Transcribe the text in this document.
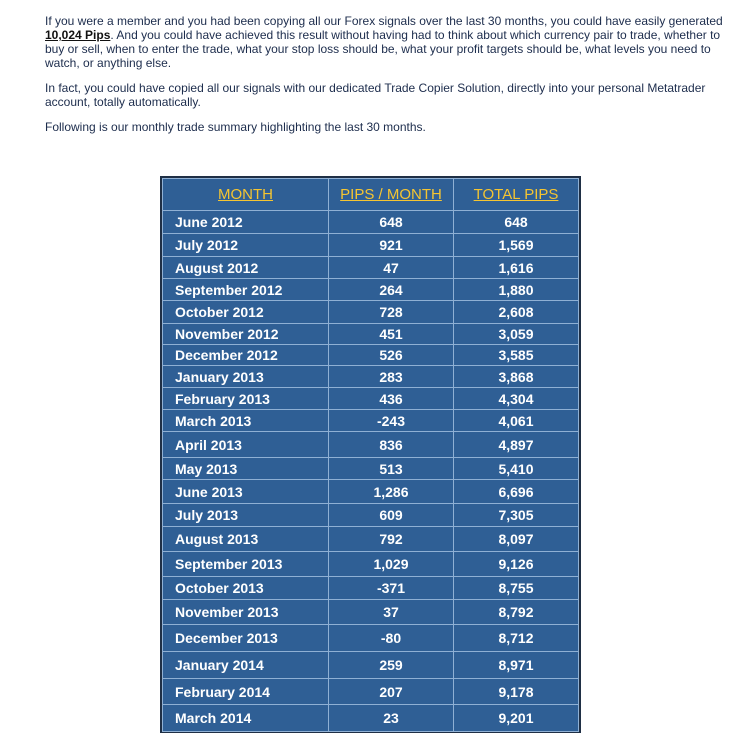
If you were a member and you had been copying all our Forex signals over the last 30 months, you could have easily generated 10,024 Pips. And you could have achieved this result without having had to think about which currency pair to trade, whether to buy or sell, when to enter the trade, what your stop loss should be, what your profit targets should be, what levels you need to watch, or anything else.

In fact, you could have copied all our signals with our dedicated Trade Copier Solution, directly into your personal Metatrader account, totally automatically.

Following is our monthly trade summary highlighting the last 30 months.

MONTH	PIPS / MONTH	TOTAL PIPS
June 2012	648	648
July 2012	921	1,569
August 2012	47	1,616
September 2012	264	1,880
October 2012	728	2,608
November 2012	451	3,059
December 2012	526	3,585
January 2013	283	3,868
February 2013	436	4,304
March 2013	-243	4,061
April 2013	836	4,897
May 2013	513	5,410
June 2013	1,286	6,696
July 2013	609	7,305
August 2013	792	8,097
September 2013	1,029	9,126
October 2013	-371	8,755
November 2013	37	8,792
December 2013	-80	8,712
January 2014	259	8,971
February 2014	207	9,178
March 2014	23	9,201
